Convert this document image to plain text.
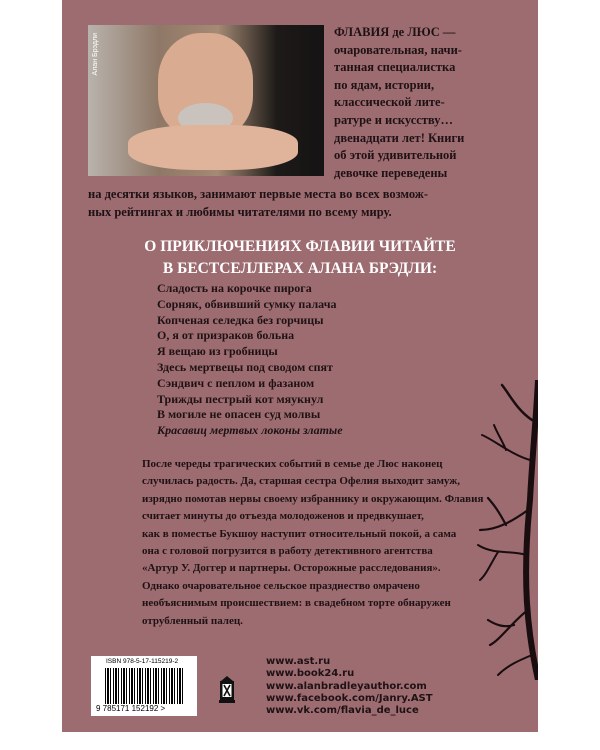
Алан Брэдли
ФЛАВИЯ де ЛЮС —
очаровательная, начи-
танная специалистка
по ядам, истории,
классической лите-
ратуре и искусству…
двенадцати лет! Книги
об этой удивительной
девочке переведены
на десятки языков, занимают первые места во всех возмож-
ных рейтингах и любимы читателями по всему миру.
О ПРИКЛЮЧЕНИЯХ ФЛАВИИ ЧИТАЙТЕ
В БЕСТСЕЛЛЕРАХ АЛАНА БРЭДЛИ:
Сладость на корочке пирога
Сорняк, обвивший сумку палача
Копченая селедка без горчицы
О, я от призраков больна
Я вещаю из гробницы
Здесь мертвецы под сводом спят
Сэндвич с пеплом и фазаном
Трижды пестрый кот мяукнул
В могиле не опасен суд молвы
Красавиц мертвых локоны златые
После череды трагических событий в семье де Люс наконец
случилась радость. Да, старшая сестра Офелия выходит замуж,
изрядно помотав нервы своему избраннику и окружающим. Флавия
считает минуты до отъезда молодоженов и предвкушает,
как в поместье Букшоу наступит относительный покой, а сама
она с головой погрузится в работу детективного агентства
«Артур У. Доггер и партнеры. Осторожные расследования».
Однако очаровательное сельское празднество омрачено
необъяснимым происшествием: в свадебном торте обнаружен
отрубленный палец.
ISBN 978-5-17-115219-2
9 785171 152192 >
www.ast.ru
www.book24.ru
www.alanbradleyauthor.com
www.facebook.com/Janry.AST
www.vk.com/flavia_de_luce
